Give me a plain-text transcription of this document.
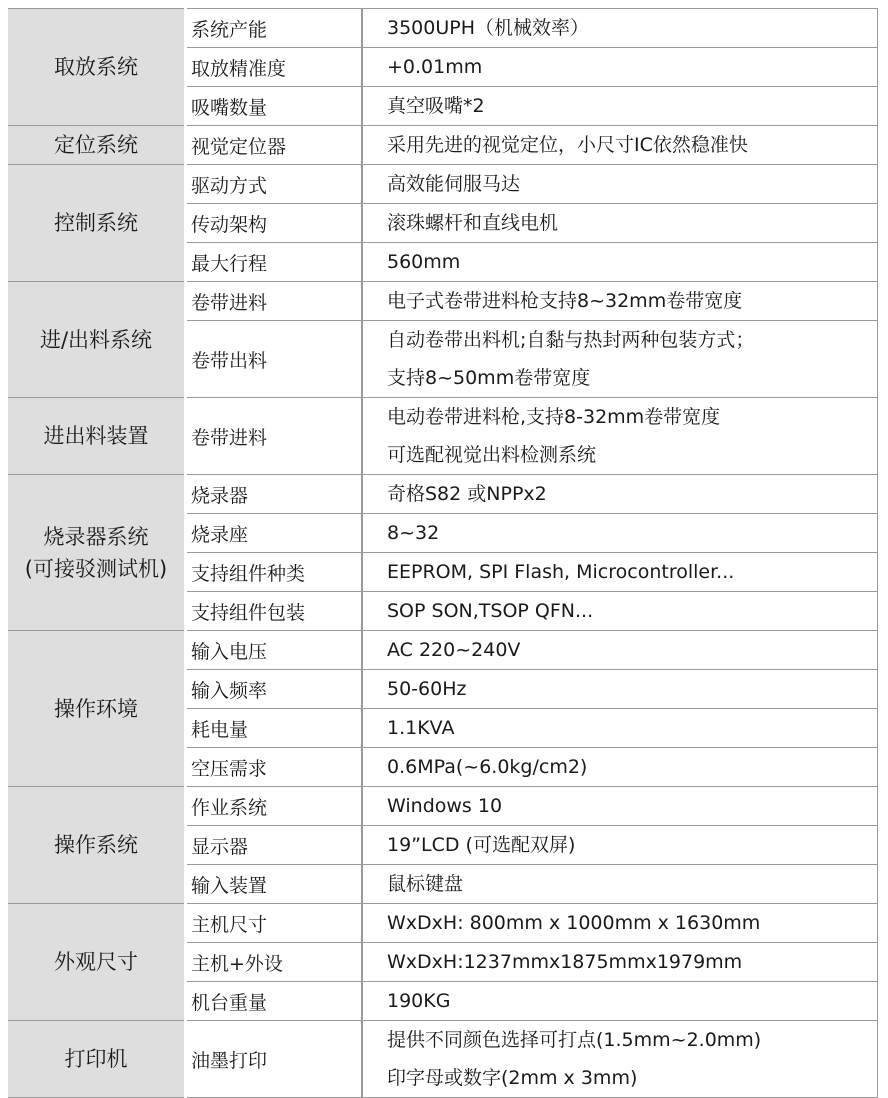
取放系统	系统产能	3500UPH（机械效率）

	取放精准度	+0.01mm

	吸嘴数量	真空吸嘴*2

定位系统	视觉定位器	采用先进的视觉定位，小尺寸IC依然稳准快

控制系统	驱动方式	高效能伺服马达

	传动架构	滚珠螺杆和直线电机

	最大行程	560mm

进/出料系统	卷带进料	电子式卷带进料枪支持8~32mm卷带宽度

	卷带出料	自动卷带出料机;自黏与热封两种包装方式；
支持8~50mm卷带宽度

进出料装置	卷带进料	电动卷带进料枪,支持8-32mm卷带宽度
可选配视觉出料检测系统

烧录器系统
(可接驳测试机)	烧录器	奇格S82 或NPPx2

	烧录座	8~32

	支持组件种类	EEPROM, SPI Flash, Microcontroller...

	支持组件包装	SOP SON,TSOP QFN...

操作环境	输入电压	AC 220~240V

	输入频率	50-60Hz

	耗电量	1.1KVA

	空压需求	0.6MPa(~6.0kg/cm2)

操作系统	作业系统	Windows 10

	显示器	19”LCD (可选配双屏)

	输入装置	鼠标键盘

外观尺寸	主机尺寸	WxDxH: 800mm x 1000mm x 1630mm

	主机+外设	WxDxH:1237mmx1875mmx1979mm

	机台重量	190KG

打印机	油墨打印	提供不同颜色选择可打点(1.5mm~2.0mm)
印字母或数字(2mm x 3mm)
